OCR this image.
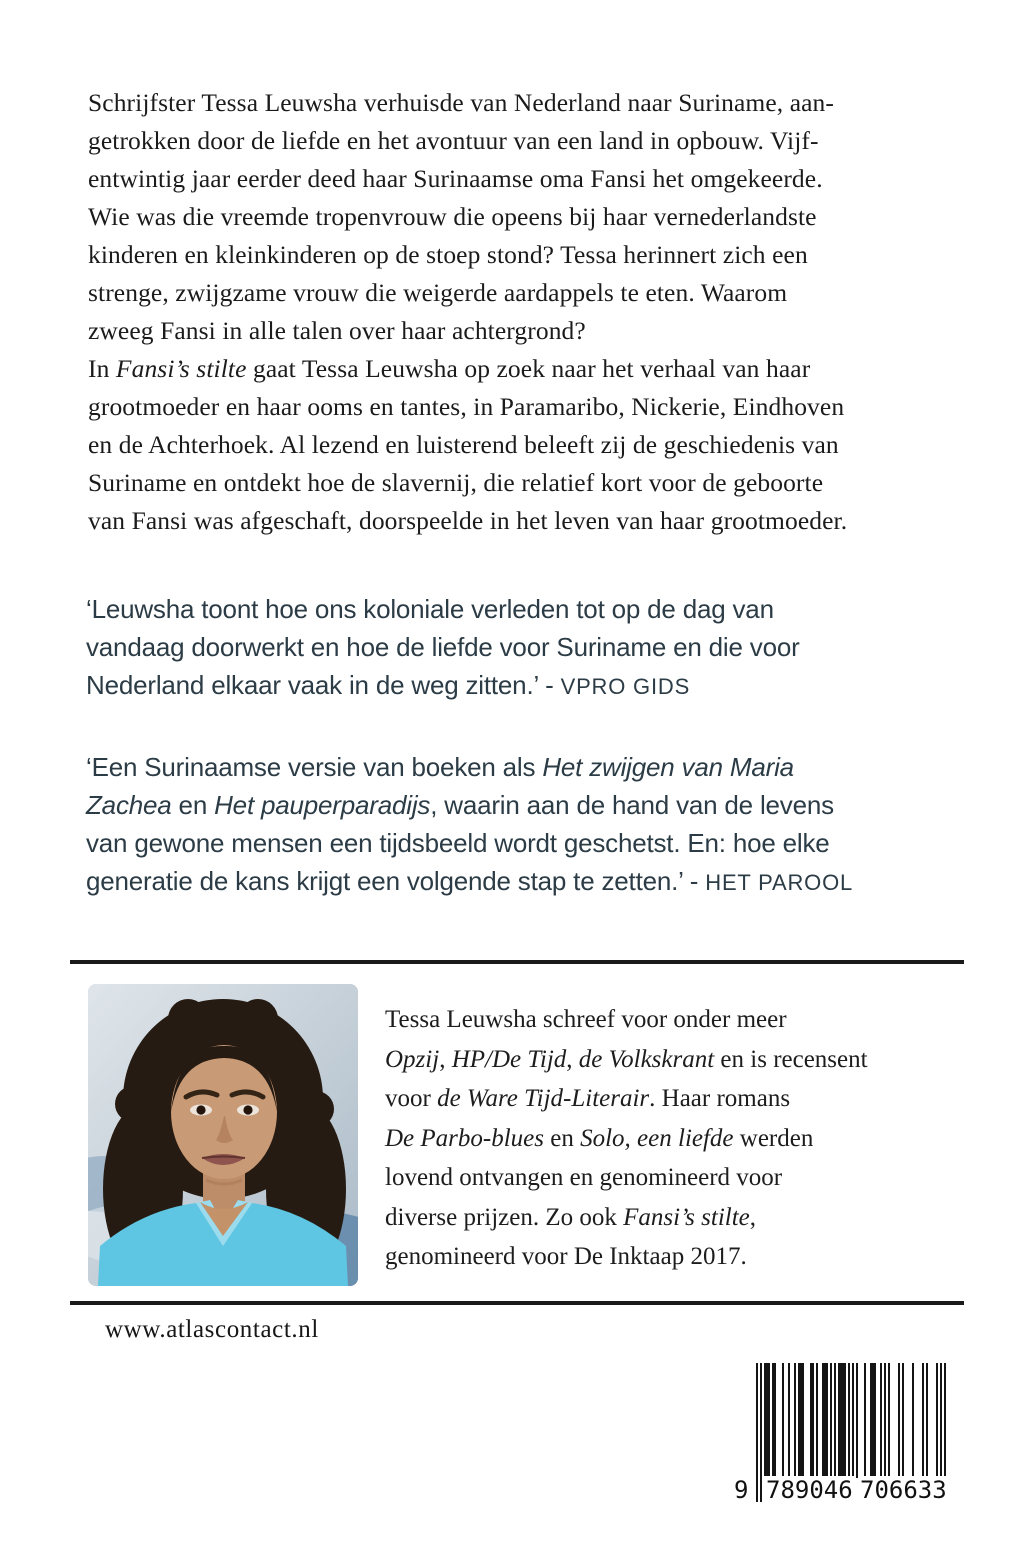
Schrijfster Tessa Leuwsha verhuisde van Nederland naar Suriname, aan-
getrokken door de liefde en het avontuur van een land in opbouw. Vijf-
entwintig jaar eerder deed haar Surinaamse oma Fansi het omgekeerde.
Wie was die vreemde tropenvrouw die opeens bij haar vernederlandste
kinderen en kleinkinderen op de stoep stond? Tessa herinnert zich een
strenge, zwijgzame vrouw die weigerde aardappels te eten. Waarom
zweeg Fansi in alle talen over haar achtergrond?
In Fansi’s stilte gaat Tessa Leuwsha op zoek naar het verhaal van haar
grootmoeder en haar ooms en tantes, in Paramaribo, Nickerie, Eindhoven
en de Achterhoek. Al lezend en luisterend beleeft zij de geschiedenis van
Suriname en ontdekt hoe de slavernij, die relatief kort voor de geboorte
van Fansi was afgeschaft, doorspeelde in het leven van haar grootmoeder.
‘Leuwsha toont hoe ons koloniale verleden tot op de dag van
vandaag doorwerkt en hoe de liefde voor Suriname en die voor
Nederland elkaar vaak in de weg zitten.’ - VPRO GIDS
‘Een Surinaamse versie van boeken als Het zwijgen van Maria
Zachea en Het pauperparadijs, waarin aan de hand van de levens
van gewone mensen een tijdsbeeld wordt geschetst. En: hoe elke
generatie de kans krijgt een volgende stap te zetten.’ - HET PAROOL
Tessa Leuwsha schreef voor onder meer
Opzij, HP/De Tijd, de Volkskrant en is recensent
voor de Ware Tijd-Literair. Haar romans
De Parbo-blues en Solo, een liefde werden
lovend ontvangen en genomineerd voor
diverse prijzen. Zo ook Fansi’s stilte,
genomineerd voor De Inktaap 2017.
www.atlascontact.nl
9 789046 706633
